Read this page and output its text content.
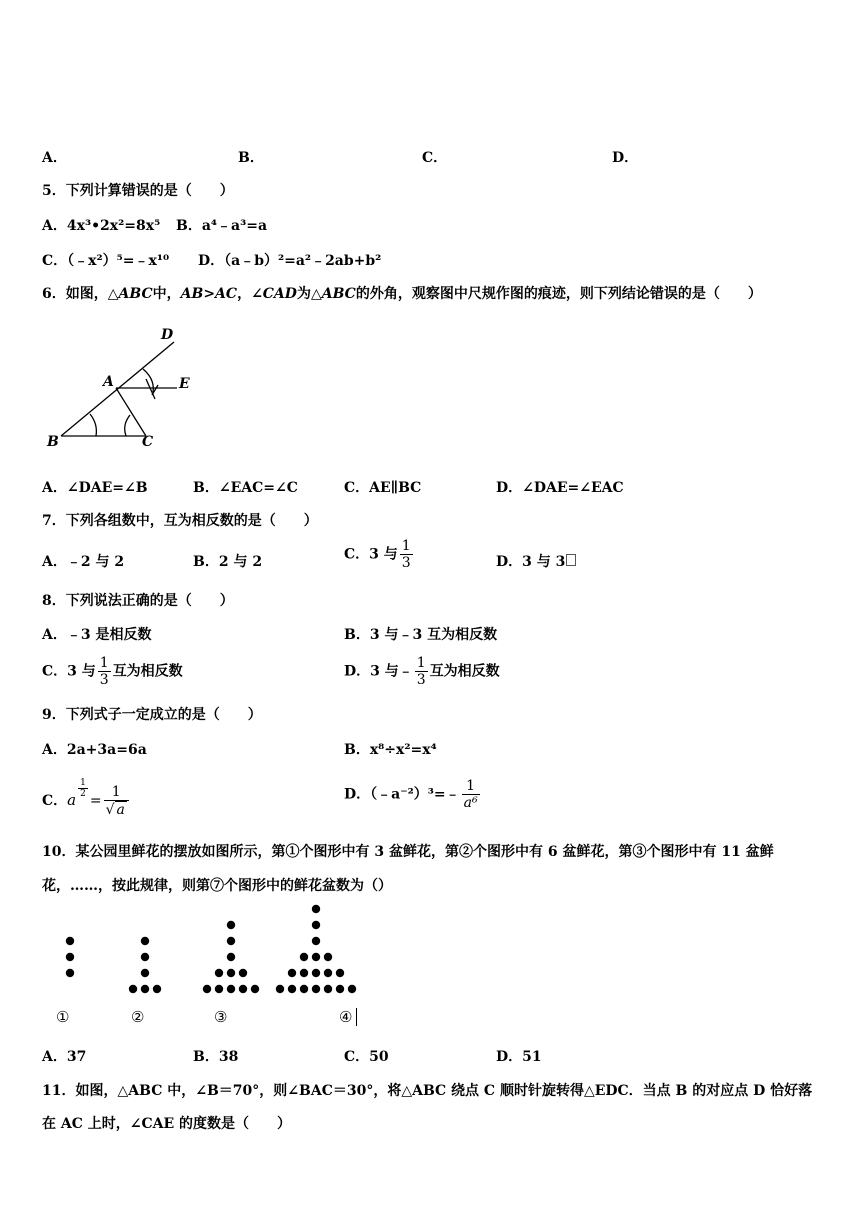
A．	B．	C．	D．
5．下列计算错误的是（　　）
A．4x³•2x²=8x⁵ B．a⁴﹣a³=a
C．（﹣x²）⁵=﹣x¹⁰ D．（a﹣b）²=a²﹣2ab+b²
6．如图，△ABC中，AB>AC，∠CAD为△ABC的外角，观察图中尺规作图的痕迹，则下列结论错误的是（　　）
D
A	E
B	C
A．∠DAE=∠B	B．∠EAC=∠C	C．AE∥BC	D．∠DAE=∠EAC
7．下列各组数中，互为相反数的是（　　）
A．﹣2 与 2	B．2 与 2	C．3 与 $\frac{1}{3}$	D．3 与 3
8．下列说法正确的是（　　）
A．﹣3 是相反数	B．3 与﹣3 互为相反数
C．3 与 $\frac{1}{3}$ 互为相反数	D．3 与﹣ $\frac{1}{3}$ 互为相反数
9．下列式子一定成立的是（　　）
A．2a+3a=6a	B．x⁸÷x²=x⁴
C．a
$\frac{1}{2}$
= $\frac{1}{√ a}$	D．（﹣a⁻²）³=﹣ $\frac{1}{\text{a⁶}}$
10．某公园里鲜花的摆放如图所示，第①个图形中有 3 盆鲜花，第②个图形中有 6 盆鲜花，第③个图形中有 11 盆鲜
花，……，按此规律，则第⑦个图形中的鲜花盆数为（）
①	②	③	④
A．37	B．38	C．50	D．51
11．如图，△ABC 中，∠B＝70°，则∠BAC＝30°，将△ABC 绕点 C 顺时针旋转得△EDC．当点 B 的对应点 D 恰好落
在 AC 上时，∠CAE 的度数是（　　）
